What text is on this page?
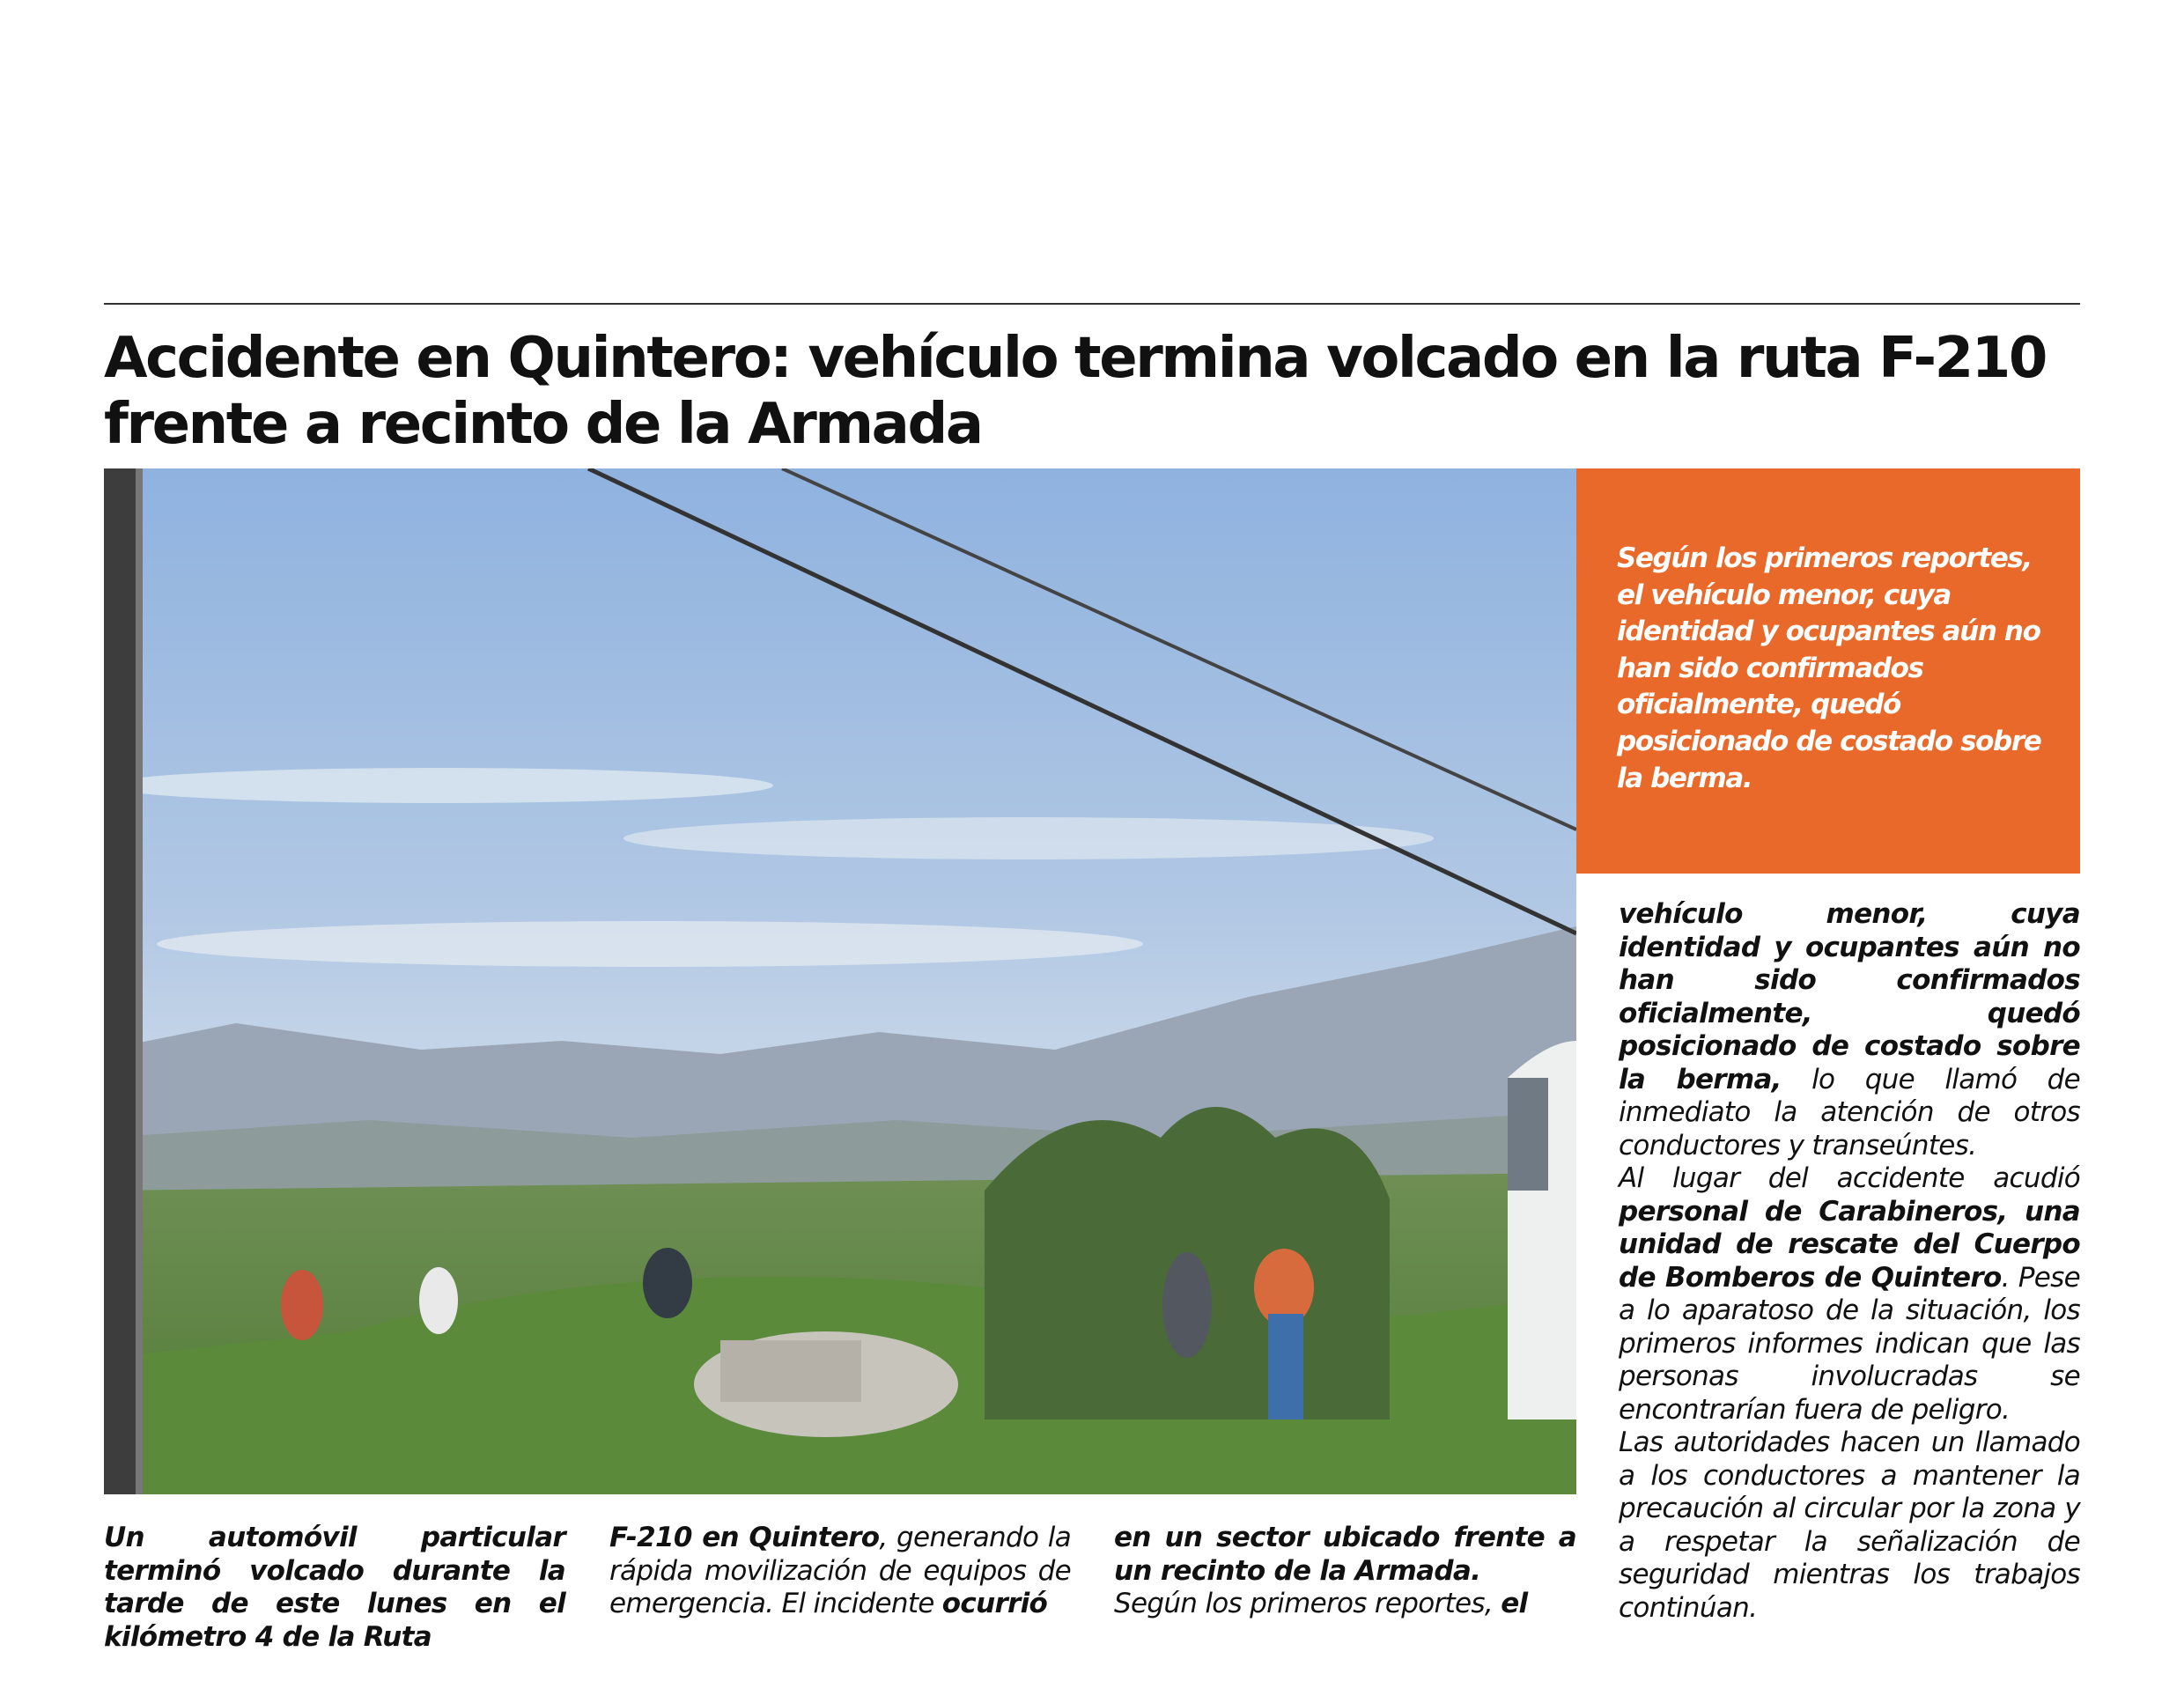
Accidente en Quintero: vehículo termina volcado en la ruta F-210 frente a recinto de la Armada
Según los primeros reportes, el vehículo menor, cuya identidad y ocupantes aún no han sido confirmados oficialmente, quedó posicionado de costado sobre la berma.
Un automóvil particular terminó volcado durante la tarde de este lunes en el kilómetro 4 de la Ruta
F-210 en Quintero, generando la rápida movilización de equipos de emergencia. El incidente ocurrió
en un sector ubicado frente a un recinto de la Armada.
Según los primeros reportes, el
vehículo menor, cuya identidad y ocupantes aún no han sido confirmados oficialmente, quedó posicionado de costado sobre la berma, lo que llamó de inmediato la atención de otros conductores y transeúntes.
Al lugar del accidente acudió personal de Carabineros, una unidad de rescate del Cuerpo de Bomberos de Quintero. Pese a lo aparatoso de la situación, los primeros informes indican que las personas involucradas se encontrarían fuera de peligro.
Las autoridades hacen un llamado a los conductores a mantener la precaución al circular por la zona y a respetar la señalización de seguridad mientras los trabajos continúan.
